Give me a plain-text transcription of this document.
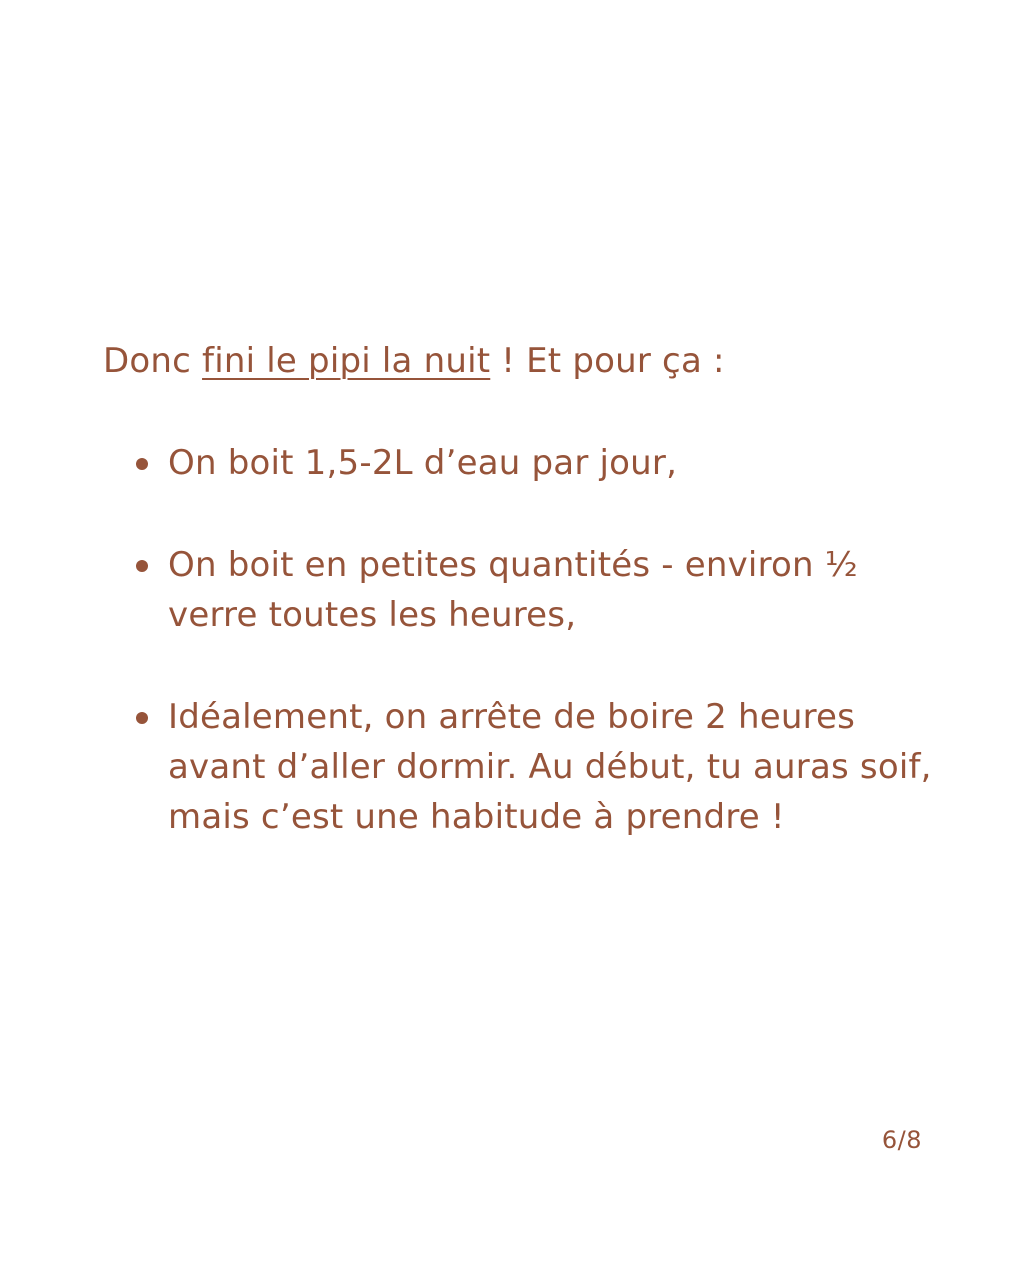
Donc fini le pipi la nuit ! Et pour ça :

On boit 1,5-2L d’eau par jour,
On boit en petites quantités - environ ½ verre toutes les heures,
Idéalement, on arrête de boire 2 heures avant d’aller dormir. Au début, tu auras soif, mais c’est une habitude à prendre !
6/8
